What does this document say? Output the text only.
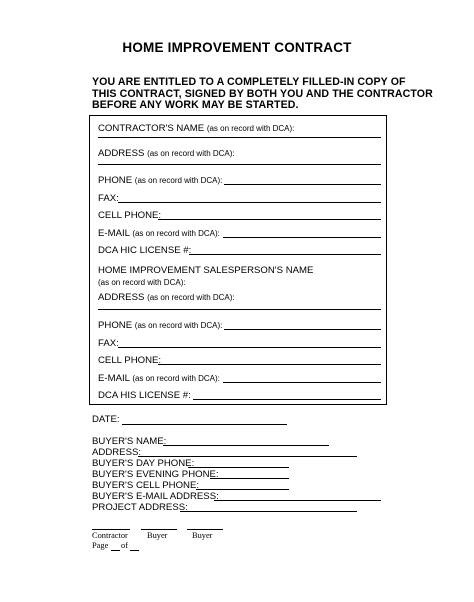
HOME IMPROVEMENT CONTRACT
YOU ARE ENTITLED TO A COMPLETELY FILLED-IN COPY OF
THIS CONTRACT, SIGNED BY BOTH YOU AND THE CONTRACTOR
BEFORE ANY WORK MAY BE STARTED.
CONTRACTOR'S NAME (as on record with DCA):
ADDRESS (as on record with DCA):
PHONE (as on record with DCA):
FAX:
CELL PHONE:
E-MAIL (as on record with DCA):
DCA HIC LICENSE #:
HOME IMPROVEMENT SALESPERSON'S NAME
(as on record with DCA):
ADDRESS (as on record with DCA):
PHONE (as on record with DCA):
FAX:
CELL PHONE:
E-MAIL (as on record with DCA):
DCA HIS LICENSE #:
DATE:
BUYER'S NAME:
ADDRESS:
BUYER'S DAY PHONE:
BUYER'S EVENING PHONE:
BUYER'S CELL PHONE:
BUYER'S E-MAIL ADDRESS:
PROJECT ADDRESS:
Contractor Buyer	Buyer
Page of
